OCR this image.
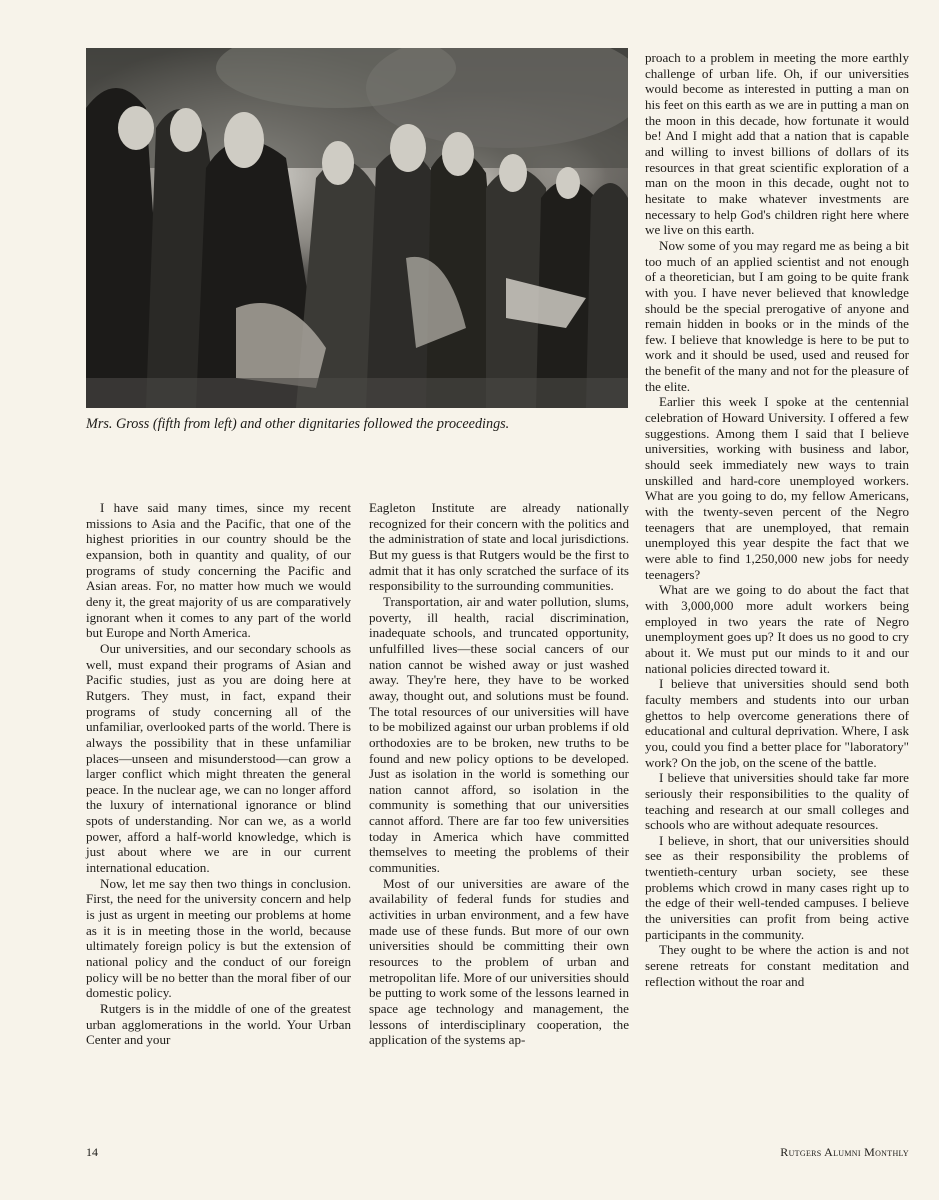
Mrs. Gross (fifth from left) and other dignitaries followed the proceedings.

I have said many times, since my recent missions to Asia and the Pacific, that one of the highest priorities in our country should be the expansion, both in quantity and quality, of our programs of study concerning the Pacific and Asian areas. For, no matter how much we would deny it, the great majority of us are comparatively ignorant when it comes to any part of the world but Europe and North America.

Our universities, and our secondary schools as well, must expand their programs of Asian and Pacific studies, just as you are doing here at Rutgers. They must, in fact, expand their programs of study concerning all of the unfamiliar, overlooked parts of the world. There is always the possibility that in these unfamiliar places—unseen and misunderstood—can grow a larger conflict which might threaten the general peace. In the nuclear age, we can no longer afford the luxury of international ignorance or blind spots of understanding. Nor can we, as a world power, afford a half-world knowledge, which is just about where we are in our current international education.

Now, let me say then two things in conclusion. First, the need for the university concern and help is just as urgent in meeting our problems at home as it is in meeting those in the world, because ultimately foreign policy is but the extension of national policy and the conduct of our foreign policy will be no better than the moral fiber of our domestic policy.

Rutgers is in the middle of one of the greatest urban agglomerations in the world. Your Urban Center and your

Eagleton Institute are already nationally recognized for their concern with the politics and the administration of state and local jurisdictions. But my guess is that Rutgers would be the first to admit that it has only scratched the surface of its responsibility to the surrounding communities.

Transportation, air and water pollution, slums, poverty, ill health, racial discrimination, inadequate schools, and truncated opportunity, unfulfilled lives—these social cancers of our nation cannot be wished away or just washed away. They're here, they have to be worked away, thought out, and solutions must be found. The total resources of our universities will have to be mobilized against our urban problems if old orthodoxies are to be broken, new truths to be found and new policy options to be developed. Just as isolation in the world is something our nation cannot afford, so isolation in the community is something that our universities cannot afford. There are far too few universities today in America which have committed themselves to meeting the problems of their communities.

Most of our universities are aware of the availability of federal funds for studies and activities in urban environment, and a few have made use of these funds. But more of our own universities should be committing their own resources to the problem of urban and metropolitan life. More of our universities should be putting to work some of the lessons learned in space age technology and management, the lessons of interdisciplinary cooperation, the application of the systems ap-

proach to a problem in meeting the more earthly challenge of urban life. Oh, if our universities would become as interested in putting a man on his feet on this earth as we are in putting a man on the moon in this decade, how fortunate it would be! And I might add that a nation that is capable and willing to invest billions of dollars of its resources in that great scientific exploration of a man on the moon in this decade, ought not to hesitate to make whatever investments are necessary to help God's children right here where we live on this earth.

Now some of you may regard me as being a bit too much of an applied scientist and not enough of a theoretician, but I am going to be quite frank with you. I have never believed that knowledge should be the special prerogative of anyone and remain hidden in books or in the minds of the few. I believe that knowledge is here to be put to work and it should be used, used and reused for the benefit of the many and not for the pleasure of the elite.

Earlier this week I spoke at the centennial celebration of Howard University. I offered a few suggestions. Among them I said that I believe universities, working with business and labor, should seek immediately new ways to train unskilled and hard-core unemployed workers. What are you going to do, my fellow Americans, with the twenty-seven percent of the Negro teenagers that are unemployed, that remain unemployed this year despite the fact that we were able to find 1,250,000 new jobs for needy teenagers?

What are we going to do about the fact that with 3,000,000 more adult workers being employed in two years the rate of Negro unemployment goes up? It does us no good to cry about it. We must put our minds to it and our national policies directed toward it.

I believe that universities should send both faculty members and students into our urban ghettos to help overcome generations there of educational and cultural deprivation. Where, I ask you, could you find a better place for "laboratory" work? On the job, on the scene of the battle.

I believe that universities should take far more seriously their responsibilities to the quality of teaching and research at our small colleges and schools who are without adequate resources.

I believe, in short, that our universities should see as their responsibility the problems of twentieth-century urban society, see these problems which crowd in many cases right up to the edge of their well-tended campuses. I believe the universities can profit from being active participants in the community.

They ought to be where the action is and not serene retreats for constant meditation and reflection without the roar and

14	Rutgers Alumni Monthly
